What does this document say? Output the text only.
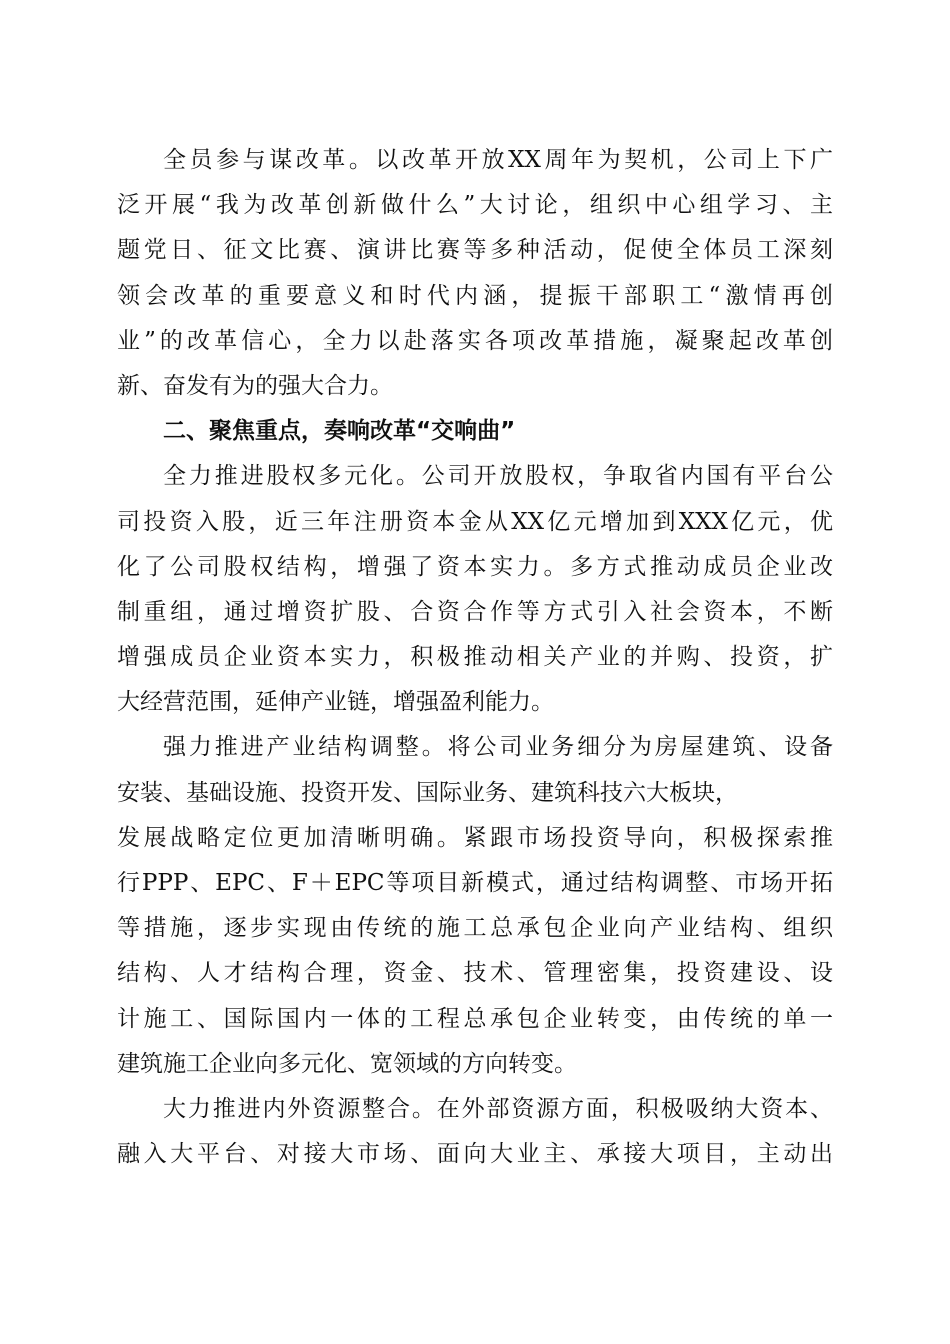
全员参与谋改革。以改革开放XX周年为契机，公司上下广
泛开展“我为改革创新做什么”大讨论，组织中心组学习、主
题党日、征文比赛、演讲比赛等多种活动，促使全体员工深刻
领会改革的重要意义和时代内涵，提振干部职工“激情再创
业”的改革信心，全力以赴落实各项改革措施，凝聚起改革创
新、奋发有为的强大合力。
二、聚焦重点，奏响改革“交响曲”
全力推进股权多元化。公司开放股权，争取省内国有平台公
司投资入股，近三年注册资本金从XX亿元增加到XXX亿元，优
化了公司股权结构，增强了资本实力。多方式推动成员企业改
制重组，通过增资扩股、合资合作等方式引入社会资本，不断
增强成员企业资本实力，积极推动相关产业的并购、投资，扩
大经营范围，延伸产业链，增强盈利能力。
强力推进产业结构调整。将公司业务细分为房屋建筑、设备
安装、基础设施、投资开发、国际业务、建筑科技六大板块，
发展战略定位更加清晰明确。紧跟市场投资导向，积极探索推
行PPP、EPC、F＋EPC等项目新模式，通过结构调整、市场开拓
等措施，逐步实现由传统的施工总承包企业向产业结构、组织
结构、人才结构合理，资金、技术、管理密集，投资建设、设
计施工、国际国内一体的工程总承包企业转变，由传统的单一
建筑施工企业向多元化、宽领域的方向转变。
大力推进内外资源整合。在外部资源方面，积极吸纳大资本、
融入大平台、对接大市场、面向大业主、承接大项目，主动出
